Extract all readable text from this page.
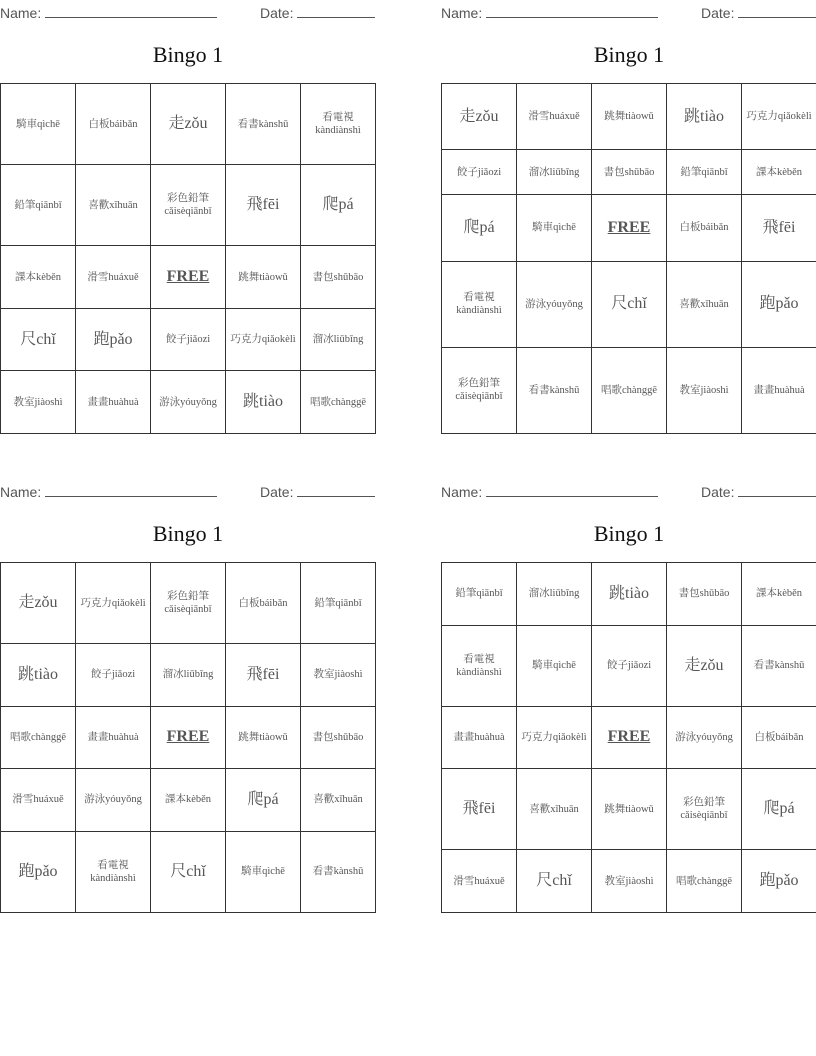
Name:	Date:
Bingo 1
騎車qìchē	白板báibǎn	走zǒu	看書kànshū	看電視 kàndiànshì
鉛筆qiānbǐ	喜歡xǐhuān	彩色鉛筆 cǎisèqiānbǐ	飛fēi	爬pá
課本kèběn	滑雪huáxuě	FREE	跳舞tiàowǔ	書包shūbāo
尺chǐ	跑pǎo	餃子jiǎozi	巧克力qiǎokèlì	溜冰liūbīng
教室jiàoshì	畫畫huàhuà	游泳yóuyǒng	跳tiào	唱歌chànggē
Name:	Date:
Bingo 1
走zǒu	滑雪huáxuě	跳舞tiàowǔ	跳tiào	巧克力qiǎokèlì
餃子jiǎozi	溜冰liūbīng	書包shūbāo	鉛筆qiānbǐ	課本kèběn
爬pá	騎車qìchē	FREE	白板báibǎn	飛fēi
看電視 kàndiànshì	游泳yóuyǒng	尺chǐ	喜歡xǐhuān	跑pǎo
彩色鉛筆 cǎisèqiānbǐ	看書kànshū	唱歌chànggē	教室jiàoshì	畫畫huàhuà
Name:	Date:
Bingo 1
走zǒu	巧克力qiǎokèlì	彩色鉛筆 cǎisèqiānbǐ	白板báibǎn	鉛筆qiānbǐ
跳tiào	餃子jiǎozi	溜冰liūbīng	飛fēi	教室jiàoshì
唱歌chànggē	畫畫huàhuà	FREE	跳舞tiàowǔ	書包shūbāo
滑雪huáxuě	游泳yóuyǒng	課本kèběn	爬pá	喜歡xǐhuān
跑pǎo	看電視 kàndiànshì	尺chǐ	騎車qìchē	看書kànshū
Name:	Date:
Bingo 1
鉛筆qiānbǐ	溜冰liūbīng	跳tiào	書包shūbāo	課本kèběn
看電視 kàndiànshì	騎車qìchē	餃子jiǎozi	走zǒu	看書kànshū
畫畫huàhuà	巧克力qiǎokèlì	FREE	游泳yóuyǒng	白板báibǎn
飛fēi	喜歡xǐhuān	跳舞tiàowǔ	彩色鉛筆 cǎisèqiānbǐ	爬pá
滑雪huáxuě	尺chǐ	教室jiàoshì	唱歌chànggē	跑pǎo
